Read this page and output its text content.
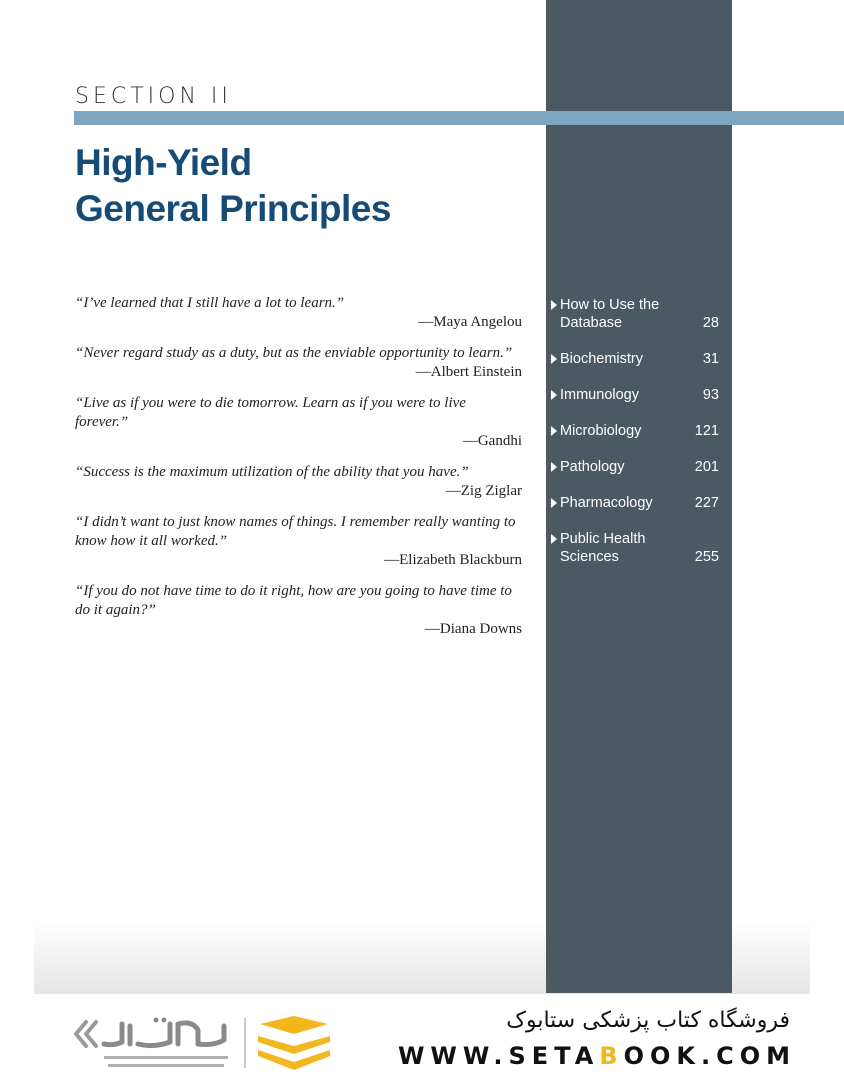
SECTION II
High-Yield
General Principles
“I’ve learned that I still have a lot to learn.”
—Maya Angelou
“Never regard study as a duty, but as the enviable opportunity to learn.”
—Albert Einstein
“Live as if you were to die tomorrow. Learn as if you were to live forever.”
—Gandhi
“Success is the maximum utilization of the ability that you have.”
—Zig Ziglar
“I didn’t want to just know names of things. I remember really wanting to know how it all worked.”
—Elizabeth Blackburn
“If you do not have time to do it right, how are you going to have time to do it again?”
—Diana Downs
How to Use the
Database	28
Biochemistry	31
Immunology	93
Microbiology	121
Pathology	201
Pharmacology	227
Public Health
Sciences	255
فروشگاه کتاب پزشکی ستابوک
WWW.SETABOOK.COM
